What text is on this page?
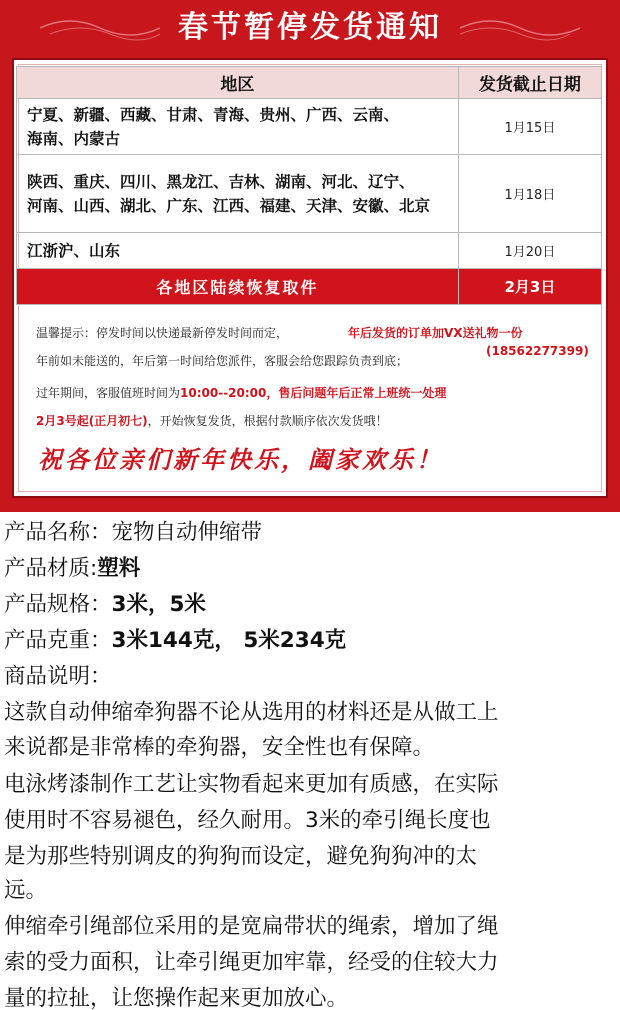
春节暂停发货通知
地区	发货截止日期

宁夏、新疆、西藏、甘肃、青海、贵州、广西、云南、
海南、内蒙古	1月15日

陕西、重庆、四川、黑龙江、吉林、湖南、河北、辽宁、
河南、山西、湖北、广东、江西、福建、天津、安徽、北京	1月18日

江浙沪、山东	1月20日
各地区陆续恢复取件	2月3日
温馨提示：停发时间以快递最新停发时间而定，	年后发货的订单加VX送礼物一份
年前如未能送的，年后第一时间给您派件，客服会给您跟踪负责到底；
(18562277399)
过年期间，客服值班时间为10:00--20:00，售后问题年后正常上班统一处理
2月3号起(正月初七)，开始恢复发货，根据付款顺序依次发货哦！
祝各位亲们新年快乐，阖家欢乐！
产品名称：宠物自动伸缩带
产品材质:塑料
产品规格：3米，5米
产品克重：3米144克， 5米234克
商品说明：
这款自动伸缩牵狗器不论从选用的材料还是从做工上
来说都是非常棒的牵狗器，安全性也有保障。
电泳烤漆制作工艺让实物看起来更加有质感，在实际
使用时不容易褪色，经久耐用。3米的牵引绳长度也
是为那些特别调皮的狗狗而设定，避免狗狗冲的太
远。
伸缩牵引绳部位采用的是宽扁带状的绳索，增加了绳
索的受力面积，让牵引绳更加牢靠，经受的住较大力
量的拉扯，让您操作起来更加放心。
